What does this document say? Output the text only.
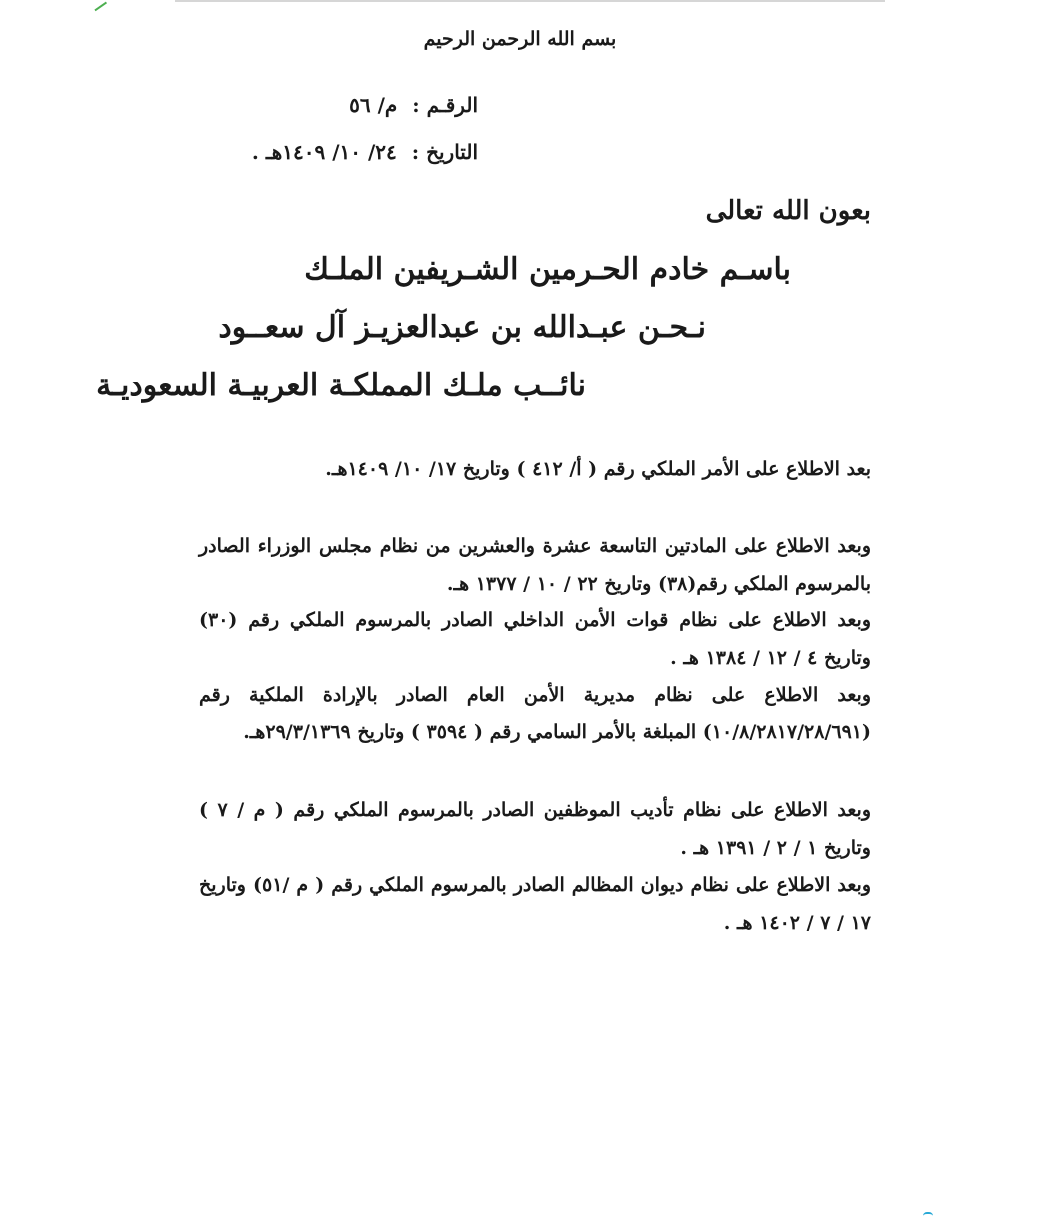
بسم الله الرحمن الرحيم
الرقـم : م/ ٥٦
التاريخ : ٢٤/ ١٠/ ١٤٠٩هـ .
بعون الله تعالى
باسـم خادم الحـرمين الشـريفين الملـك
نـحـن عبـدالله بن عبدالعزيـز آل سعــود
نائــب ملـك المملكـة العربيـة السعوديـة
بعد الاطلاع على الأمر الملكي رقم ( أ/ ٤١٢ ) وتاريخ ١٧/ ١٠/ ١٤٠٩هـ.
وبعد الاطلاع على المادتين التاسعة عشرة والعشرين من نظام مجلس الوزراء الصادر بالمرسوم الملكي رقم(٣٨) وتاريخ ٢٢ / ١٠ / ١٣٧٧ هـ.
وبعد الاطلاع على نظام قوات الأمن الداخلي الصادر بالمرسوم الملكي رقم (٣٠) وتاريخ ٤ / ١٢ / ١٣٨٤ هـ .
وبعد الاطلاع على نظام مديرية الأمن العام الصادر بالإرادة الملكية رقم (١٠/٨/٢٨١٧/٢٨/٦٩١) المبلغة بالأمر السامي رقم ( ٣٥٩٤ ) وتاريخ ٢٩/٣/١٣٦٩هـ.
وبعد الاطلاع على نظام تأديب الموظفين الصادر بالمرسوم الملكي رقم ( م / ٧ ) وتاريخ ١ / ٢ / ١٣٩١ هـ .
وبعد الاطلاع على نظام ديوان المظالم الصادر بالمرسوم الملكي رقم ( م /٥١) وتاريخ ١٧ / ٧ / ١٤٠٢ هـ .
